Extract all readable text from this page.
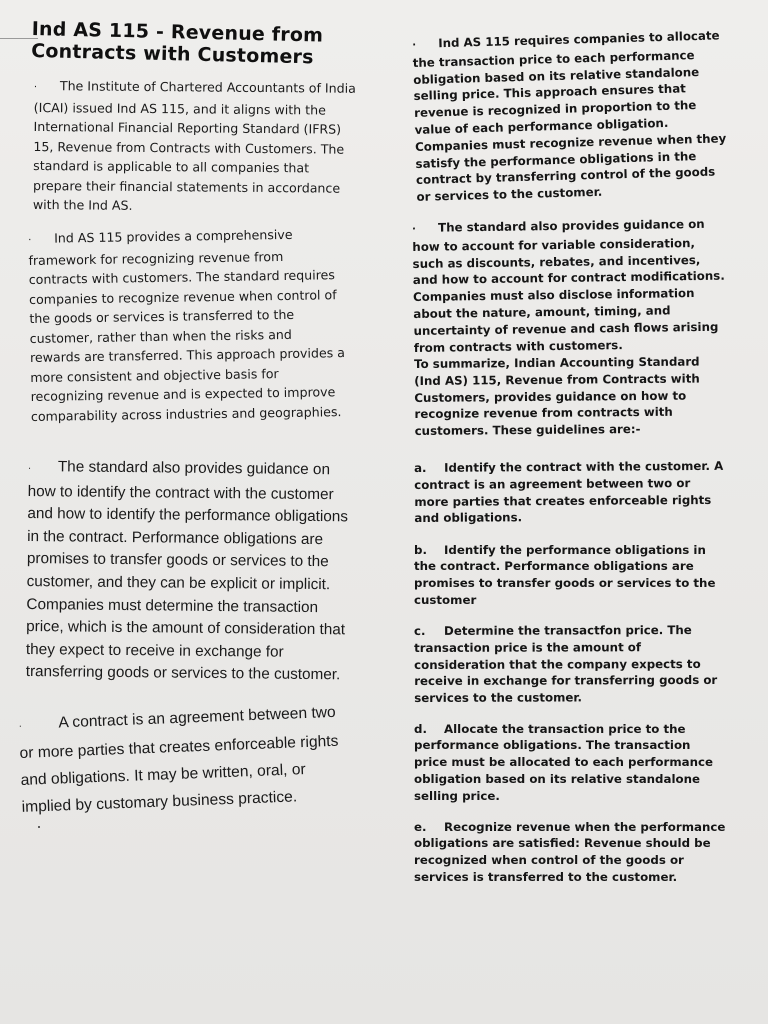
Ind AS 115 - Revenue from Contracts with Customers

· The Institute of Chartered Accountants of India (ICAI) issued Ind AS 115, and it aligns with the International Financial Reporting Standard (IFRS) 15, Revenue from Contracts with Customers. The standard is applicable to all companies that prepare their financial statements in accordance with the Ind AS.

· Ind AS 115 provides a comprehensive framework for recognizing revenue from contracts with customers. The standard requires companies to recognize revenue when control of the goods or services is transferred to the customer, rather than when the risks and rewards are transferred. This approach provides a more consistent and objective basis for recognizing revenue and is expected to improve comparability across industries and geographies.

· The standard also provides guidance on how to identify the contract with the customer and how to identify the performance obligations in the contract. Performance obligations are promises to transfer goods or services to the customer, and they can be explicit or implicit. Companies must determine the transaction price, which is the amount of consideration that they expect to receive in exchange for transferring goods or services to the customer.

· A contract is an agreement between two or more parties that creates enforceable rights and obligations. It may be written, oral, or implied by customary business practice.

· Ind AS 115 requires companies to allocate the transaction price to each performance obligation based on its relative standalone selling price. This approach ensures that revenue is recognized in proportion to the value of each performance obligation. Companies must recognize revenue when they satisfy the performance obligations in the contract by transferring control of the goods or services to the customer.

· The standard also provides guidance on how to account for variable consideration, such as discounts, rebates, and incentives, and how to account for contract modifications. Companies must also disclose information about the nature, amount, timing, and uncertainty of revenue and cash flows arising from contracts with customers.

To summarize, Indian Accounting Standard (Ind AS) 115, Revenue from Contracts with Customers, provides guidance on how to recognize revenue from contracts with customers. These guidelines are:-

a. Identify the contract with the customer. A contract is an agreement between two or more parties that creates enforceable rights and obligations.
b. Identify the performance obligations in the contract. Performance obligations are promises to transfer goods or services to the customer
c. Determine the transactfon price. The transaction price is the amount of consideration that the company expects to receive in exchange for transferring goods or services to the customer.
d. Allocate the transaction price to the performance obligations. The transaction price must be allocated to each performance obligation based on its relative standalone selling price.
e. Recognize revenue when the performance obligations are satisfied: Revenue should be recognized when control of the goods or services is transferred to the customer.
